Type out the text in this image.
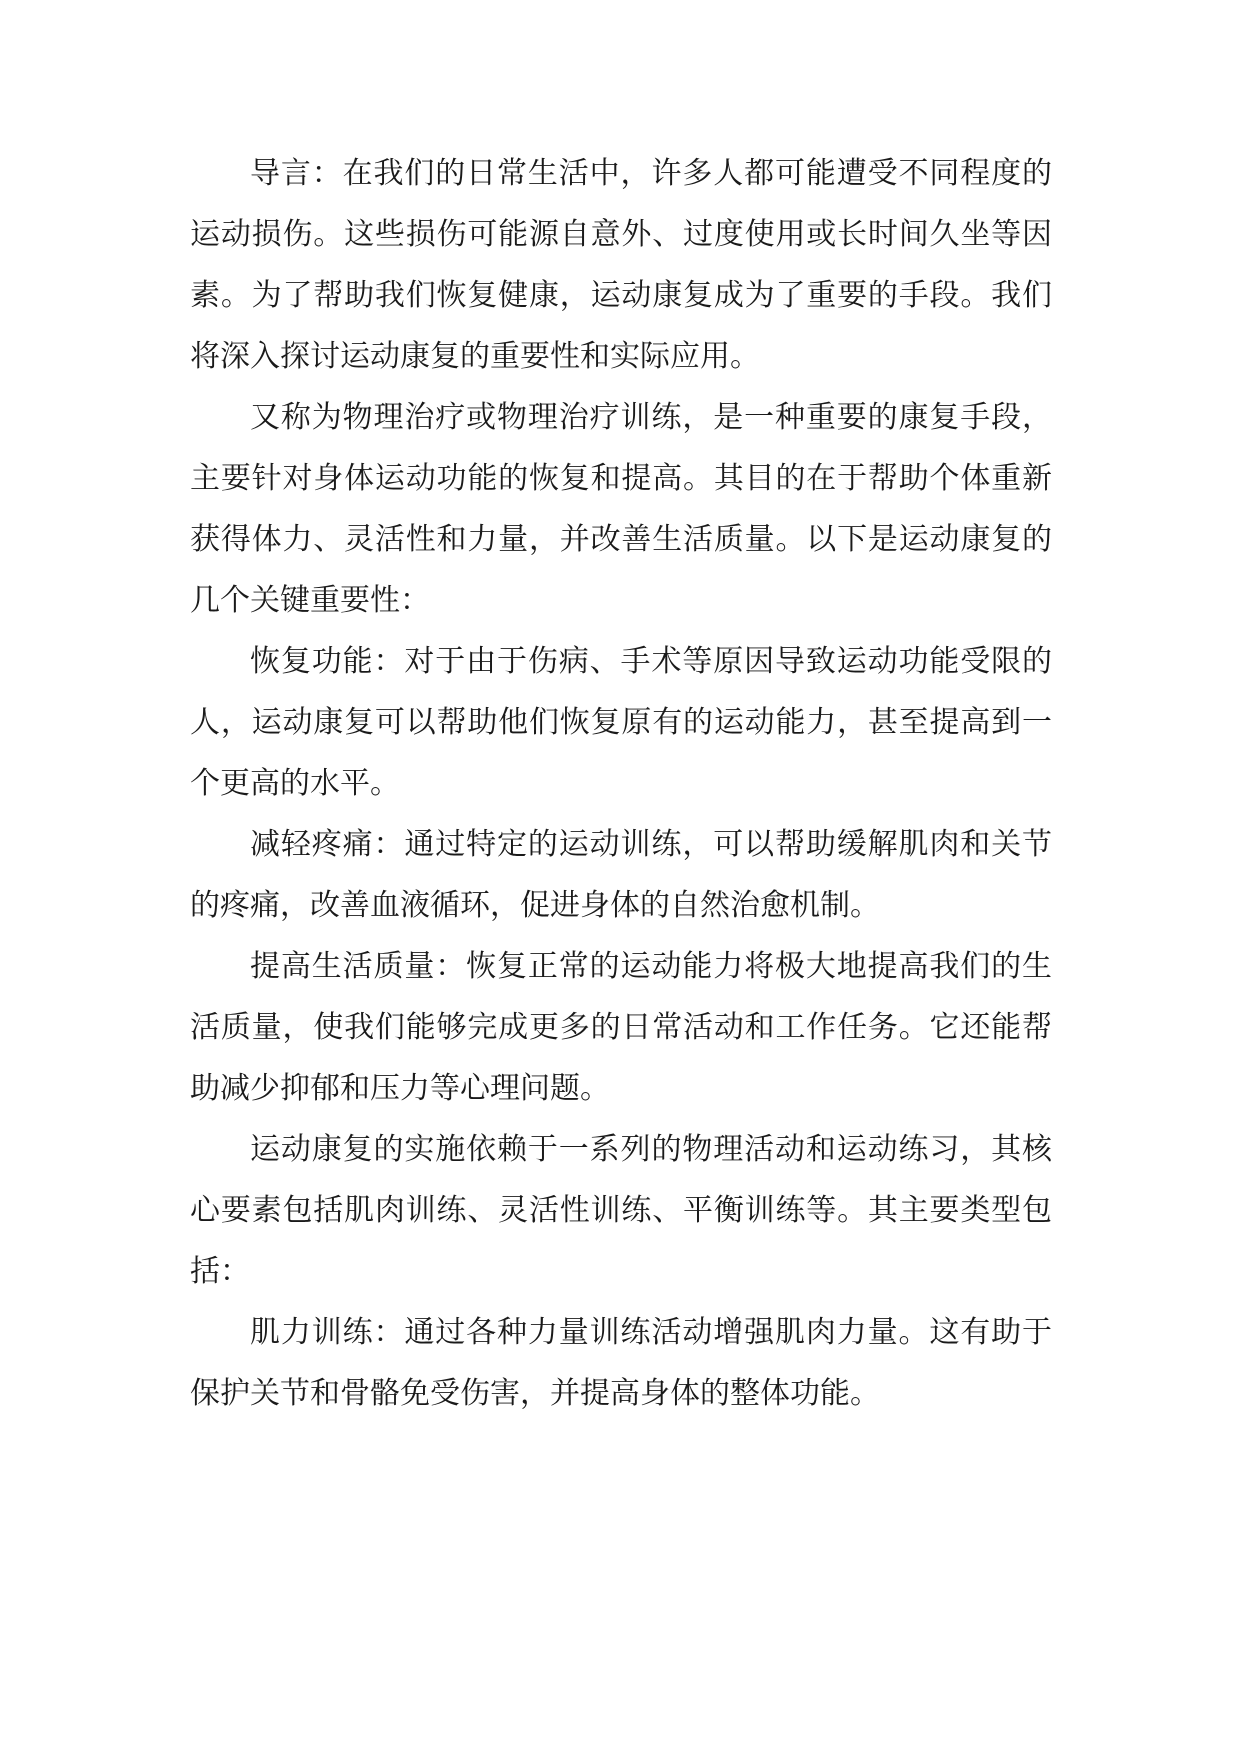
导言：在我们的日常生活中，许多人都可能遭受不同程度的运动损伤。这些损伤可能源自意外、过度使用或长时间久坐等因素。为了帮助我们恢复健康，运动康复成为了重要的手段。我们将深入探讨运动康复的重要性和实际应用。

又称为物理治疗或物理治疗训练，是一种重要的康复手段，主要针对身体运动功能的恢复和提高。其目的在于帮助个体重新获得体力、灵活性和力量，并改善生活质量。以下是运动康复的几个关键重要性：

恢复功能：对于由于伤病、手术等原因导致运动功能受限的人，运动康复可以帮助他们恢复原有的运动能力，甚至提高到一个更高的水平。

减轻疼痛：通过特定的运动训练，可以帮助缓解肌肉和关节的疼痛，改善血液循环，促进身体的自然治愈机制。

提高生活质量：恢复正常的运动能力将极大地提高我们的生活质量，使我们能够完成更多的日常活动和工作任务。它还能帮助减少抑郁和压力等心理问题。

运动康复的实施依赖于一系列的物理活动和运动练习，其核心要素包括肌肉训练、灵活性训练、平衡训练等。其主要类型包括：

肌力训练：通过各种力量训练活动增强肌肉力量。这有助于保护关节和骨骼免受伤害，并提高身体的整体功能。
